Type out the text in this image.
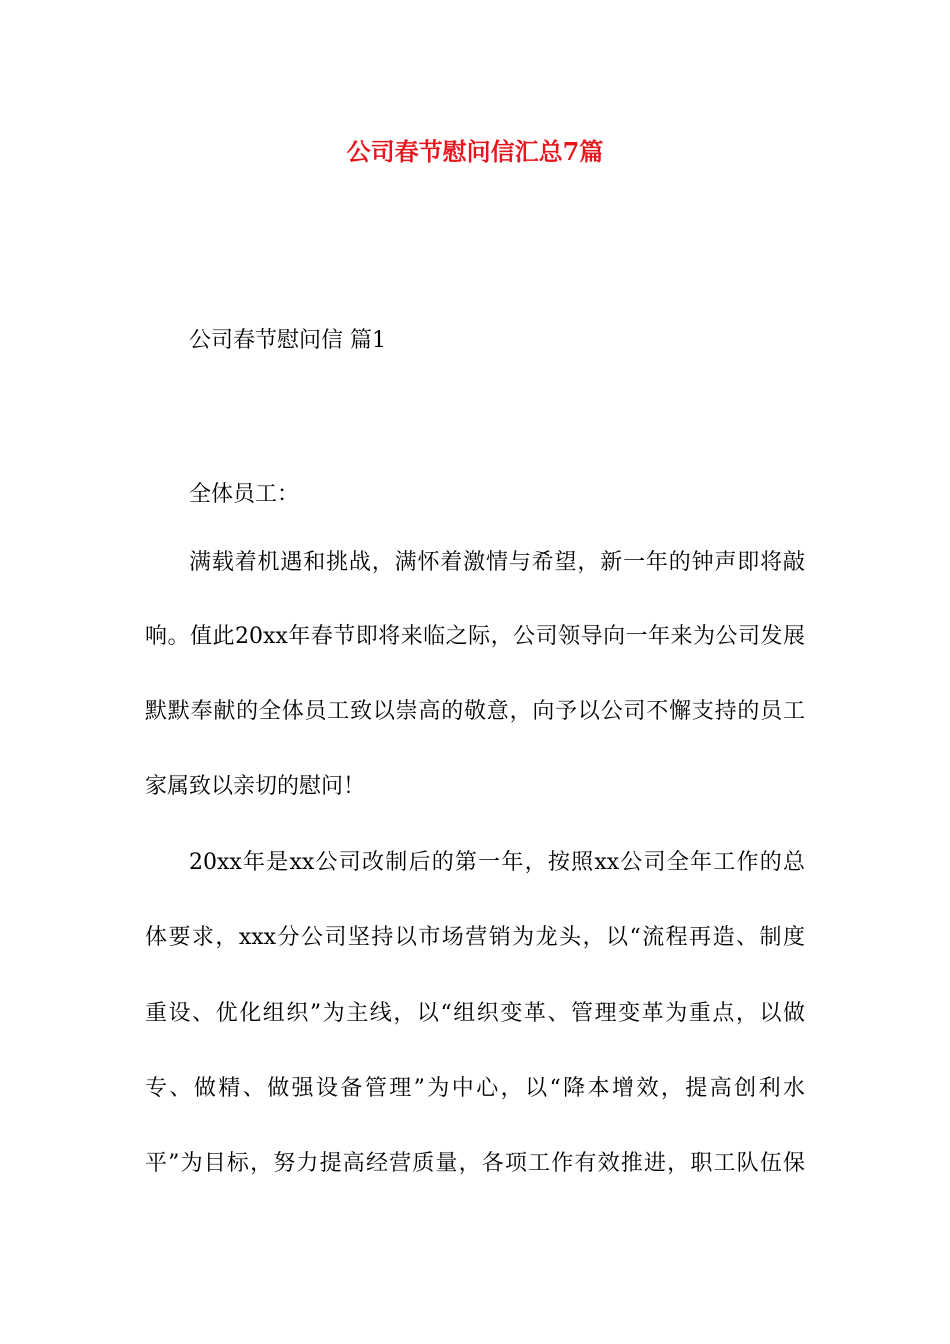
公司春节慰问信汇总7篇

公司春节慰问信 篇1

全体员工：

满载着机遇和挑战，满怀着激情与希望，新一年的钟声即将敲

响。值此20xx年春节即将来临之际，公司领导向一年来为公司发展

默默奉献的全体员工致以崇高的敬意，向予以公司不懈支持的员工

家属致以亲切的慰问！

20xx年是xx公司改制后的第一年，按照xx公司全年工作的总

体要求，xxx分公司坚持以市场营销为龙头，以“流程再造、制度

重设、优化组织”为主线，以“组织变革、管理变革为重点，以做

专、做精、做强设备管理”为中心，以“降本增效，提高创利水

平”为目标，努力提高经营质量，各项工作有效推进，职工队伍保
